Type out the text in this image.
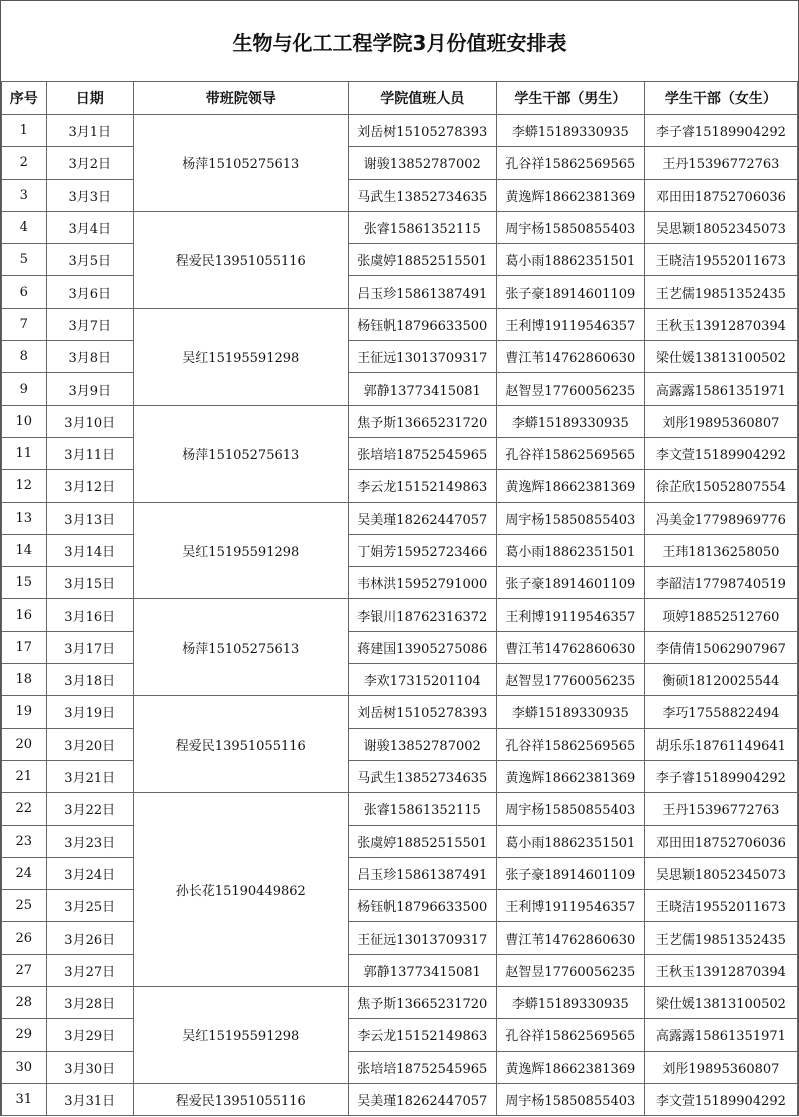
生物与化工工程学院3月份值班安排表
序号	日期	带班院领导	学院值班人员	学生干部（男生）	学生干部（女生）
1	3月1日	杨萍15105275613	刘岳树15105278393	李蟒15189330935	李子睿15189904292
2	3月2日		谢骏13852787002	孔谷祥15862569565	王丹15396772763
3	3月3日		马武生13852734635	黄逸辉18662381369	邓田田18752706036
4	3月4日	程爱民13951055116	张睿15861352115	周宇杨15850855403	吴思颖18052345073
5	3月5日		张虞婷18852515501	葛小雨18862351501	王晓洁19552011673
6	3月6日		吕玉珍15861387491	张子豪18914601109	王艺儒19851352435
7	3月7日	吴红15195591298	杨钰帆18796633500	王利博19119546357	王秋玉13912870394
8	3月8日		王征远13013709317	曹江苇14762860630	梁仕媛13813100502
9	3月9日		郭静13773415081	赵智昱17760056235	高露露15861351971
10	3月10日	杨萍15105275613	焦予斯13665231720	李蟒15189330935	刘彤19895360807
11	3月11日		张培培18752545965	孔谷祥15862569565	李文萱15189904292
12	3月12日		李云龙15152149863	黄逸辉18662381369	徐芷欣15052807554
13	3月13日	吴红15195591298	吴美瑾18262447057	周宇杨15850855403	冯美金17798969776
14	3月14日		丁娟芳15952723466	葛小雨18862351501	王玮18136258050
15	3月15日		韦林洪15952791000	张子豪18914601109	李韶洁17798740519
16	3月16日	杨萍15105275613	李银川18762316372	王利博19119546357	项婷18852512760
17	3月17日		蒋建国13905275086	曹江苇14762860630	李倩倩15062907967
18	3月18日		李欢17315201104	赵智昱17760056235	衡硕18120025544
19	3月19日	程爱民13951055116	刘岳树15105278393	李蟒15189330935	李巧17558822494
20	3月20日		谢骏13852787002	孔谷祥15862569565	胡乐乐18761149641
21	3月21日		马武生13852734635	黄逸辉18662381369	李子睿15189904292
22	3月22日	孙长花15190449862	张睿15861352115	周宇杨15850855403	王丹15396772763
23	3月23日		张虞婷18852515501	葛小雨18862351501	邓田田18752706036
24	3月24日		吕玉珍15861387491	张子豪18914601109	吴思颖18052345073
25	3月25日		杨钰帆18796633500	王利博19119546357	王晓洁19552011673
26	3月26日		王征远13013709317	曹江苇14762860630	王艺儒19851352435
27	3月27日		郭静13773415081	赵智昱17760056235	王秋玉13912870394
28	3月28日	吴红15195591298	焦予斯13665231720	李蟒15189330935	梁仕媛13813100502
29	3月29日		李云龙15152149863	孔谷祥15862569565	高露露15861351971
30	3月30日		张培培18752545965	黄逸辉18662381369	刘彤19895360807
31	3月31日	程爱民13951055116	吴美瑾18262447057	周宇杨15850855403	李文萱15189904292
